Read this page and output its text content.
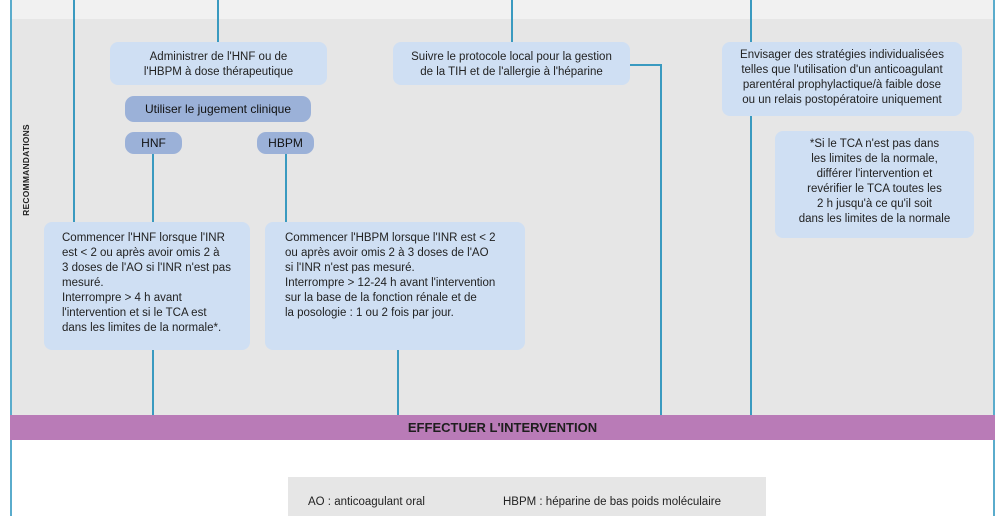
RECOMMANDATIONS
Administrer de l'HNF ou de
l'HBPM à dose thérapeutique
Utiliser le jugement clinique
HNF	HBPM
Commencer l'HNF lorsque l'INR
est < 2 ou après avoir omis 2 à
3 doses de l'AO si l'INR n'est pas
mesuré.
Interrompre > 4 h avant
l'intervention et si le TCA est
dans les limites de la normale*.
Commencer l'HBPM lorsque l'INR est < 2
ou après avoir omis 2 à 3 doses de l'AO
si l'INR n'est pas mesuré.
Interrompre > 12-24 h avant l'intervention
sur la base de la fonction rénale et de
la posologie : 1 ou 2 fois par jour.
Suivre le protocole local pour la gestion
de la TIH et de l'allergie à l'héparine
Envisager des stratégies individualisées
telles que l'utilisation d'un anticoagulant
parentéral prophylactique/à faible dose
ou un relais postopératoire uniquement
*Si le TCA n'est pas dans
les limites de la normale,
différer l'intervention et
revérifier le TCA toutes les
2 h jusqu'à ce qu'il soit
dans les limites de la normale
EFFECTUER L'INTERVENTION
AO : anticoagulant oral	HBPM : héparine de bas poids moléculaire
